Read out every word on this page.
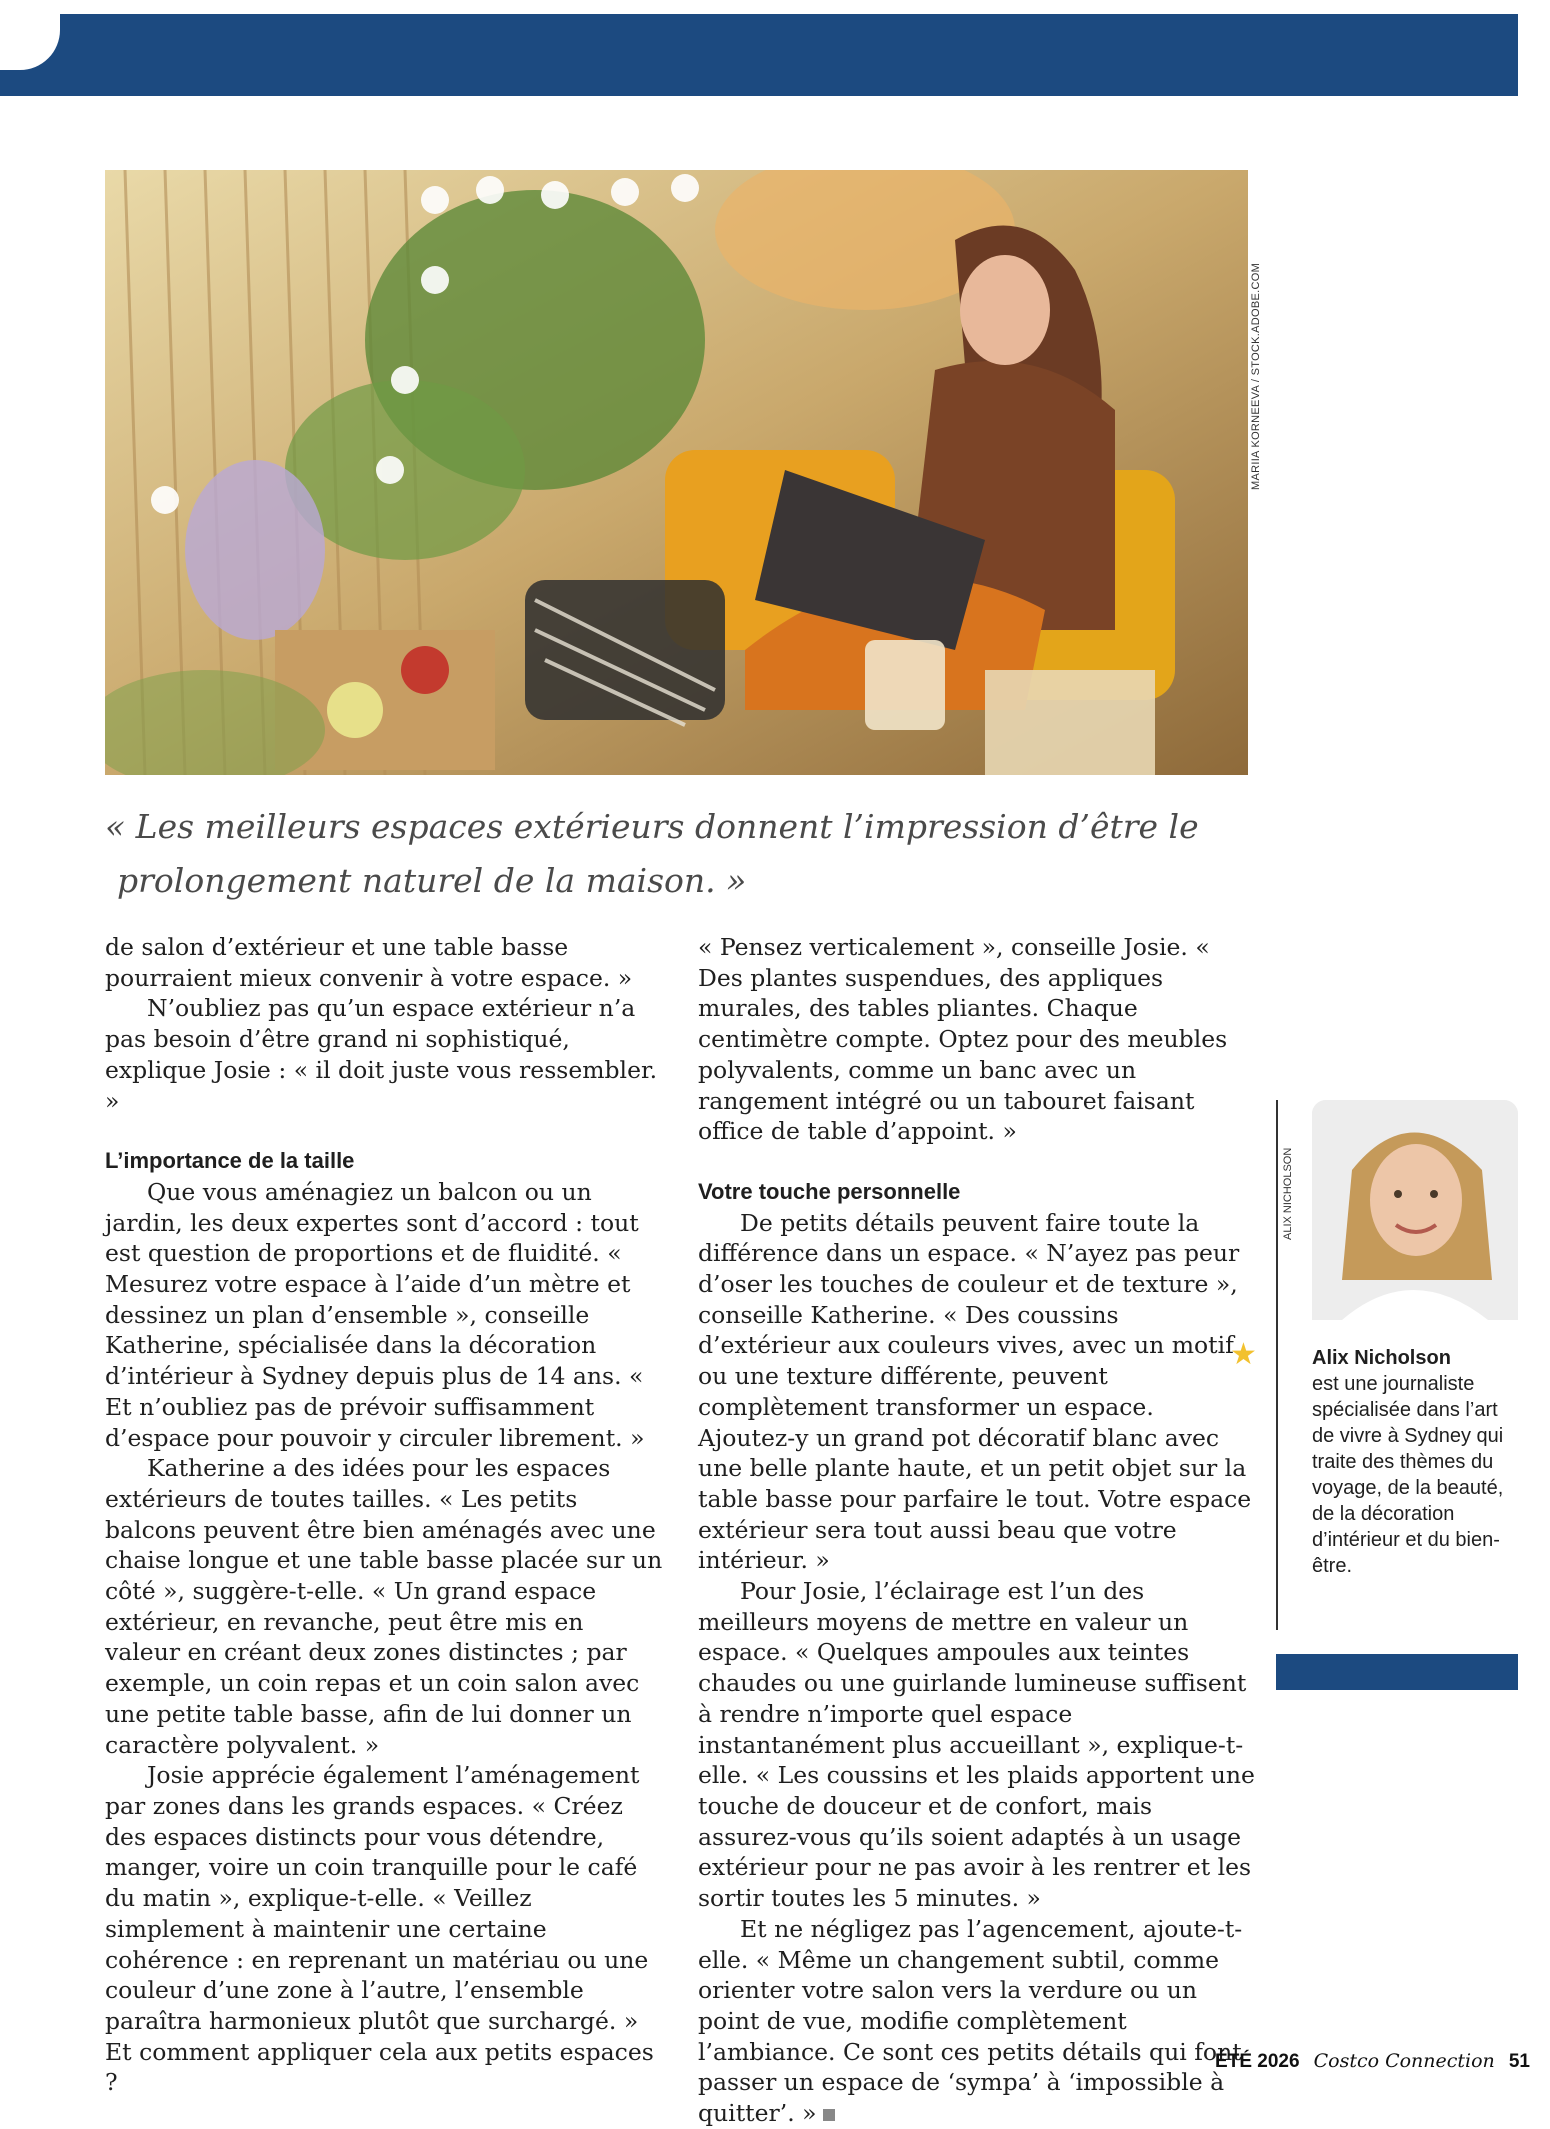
MARIIA KORNEEVA / STOCK.ADOBE.COM
« Les meilleurs espaces extérieurs donnent l’impression d’être le
prolongement naturel de la maison. »

de salon d’extérieur et une table basse pourraient mieux convenir à votre espace. »

N’oubliez pas qu’un espace extérieur n’a pas besoin d’être grand ni sophistiqué, explique Josie : « il doit juste vous ressembler. »

L’importance de la taille

Que vous aménagiez un balcon ou un jardin, les deux expertes sont d’accord : tout est question de proportions et de fluidité. « Mesurez votre espace à l’aide d’un mètre et dessinez un plan d’ensemble », conseille Katherine, spécialisée dans la décoration d’intérieur à Sydney depuis plus de 14 ans. « Et n’oubliez pas de prévoir suffisamment d’espace pour pouvoir y circuler librement. »

Katherine a des idées pour les espaces extérieurs de toutes tailles. « Les petits balcons peuvent être bien aménagés avec une chaise longue et une table basse placée sur un côté », suggère-t-elle. « Un grand espace extérieur, en revanche, peut être mis en valeur en créant deux zones distinctes ; par exemple, un coin repas et un coin salon avec une petite table basse, afin de lui donner un caractère polyvalent. »

Josie apprécie également l’aménagement par zones dans les grands espaces. « Créez des espaces distincts pour vous détendre, manger, voire un coin tranquille pour le café du matin », explique-t-elle. « Veillez simplement à maintenir une certaine cohérence : en reprenant un matériau ou une couleur d’une zone à l’autre, l’ensemble paraîtra harmonieux plutôt que surchargé. »

Et comment appliquer cela aux petits espaces ?

« Pensez verticalement », conseille Josie. « Des plantes suspendues, des appliques murales, des tables pliantes. Chaque centimètre compte. Optez pour des meubles polyvalents, comme un banc avec un rangement intégré ou un tabouret faisant office de table d’appoint. »

Votre touche personnelle

De petits détails peuvent faire toute la différence dans un espace. « N’ayez pas peur d’oser les touches de couleur et de texture », conseille Katherine. « Des coussins d’extérieur aux couleurs vives, avec un motif ou une texture différente, peuvent complètement transformer un espace. Ajoutez-y un grand pot décoratif blanc avec une belle plante haute, et un petit objet sur la table basse pour parfaire le tout. Votre espace extérieur sera tout aussi beau que votre intérieur. »

Pour Josie, l’éclairage est l’un des meilleurs moyens de mettre en valeur un espace. « Quelques ampoules aux teintes chaudes ou une guirlande lumineuse suffisent à rendre n’importe quel espace instantanément plus accueillant », explique-t-elle. « Les coussins et les plaids apportent une touche de douceur et de confort, mais assurez-vous qu’ils soient adaptés à un usage extérieur pour ne pas avoir à les rentrer et les sortir toutes les 5 minutes. »

Et ne négligez pas l’agencement, ajoute-t-elle. « Même un changement subtil, comme orienter votre salon vers la verdure ou un point de vue, modifie complètement l’ambiance. Ce sont ces petits détails qui font passer un espace de ‘sympa’ à ‘impossible à quitter’. »

ALIX NICHOLSON
★	Alix Nicholson
est une journaliste spécialisée dans l’art de vivre à Sydney qui traite des thèmes du voyage, de la beauté, de la décoration d’intérieur et du bien-être.
ÉTÉ 2026 Costco Connection 51
